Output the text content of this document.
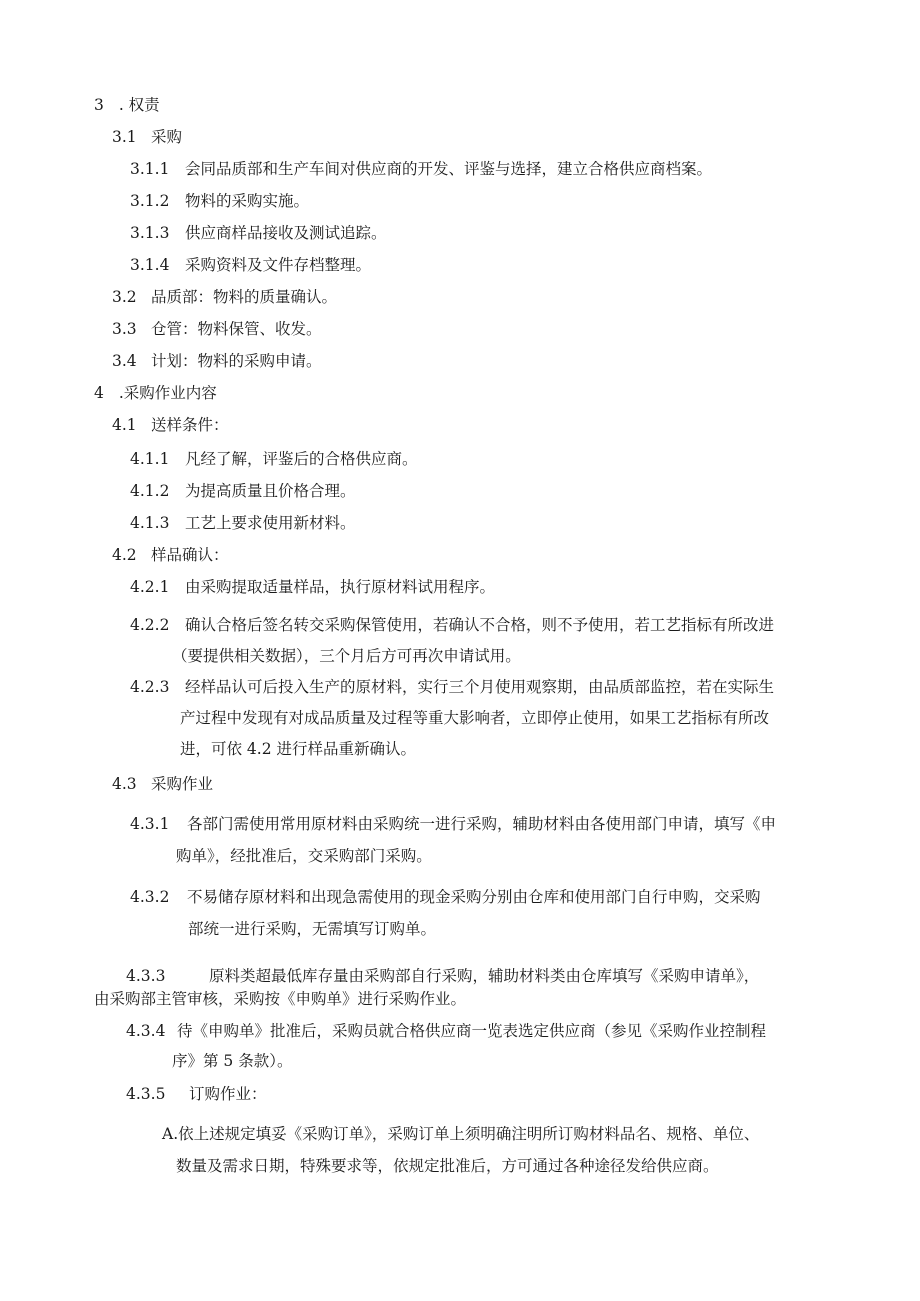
3 . 权责
3.1 采购
3.1.1 会同品质部和生产车间对供应商的开发、评鉴与选择，建立合格供应商档案。
3.1.2 物料的采购实施。
3.1.3 供应商样品接收及测试追踪。
3.1.4 采购资料及文件存档整理。
3.2 品质部：物料的质量确认。
3.3 仓管：物料保管、收发。
3.4 计划：物料的采购申请。
4 .采购作业内容
4.1 送样条件：
4.1.1 凡经了解，评鉴后的合格供应商。
4.1.2 为提高质量且价格合理。
4.1.3 工艺上要求使用新材料。
4.2 样品确认：
4.2.1 由采购提取适量样品，执行原材料试用程序。
4.2.2 确认合格后签名转交采购保管使用，若确认不合格，则不予使用，若工艺指标有所改进
（要提供相关数据），三个月后方可再次申请试用。
4.2.3 经样品认可后投入生产的原材料，实行三个月使用观察期，由品质部监控，若在实际生
产过程中发现有对成品质量及过程等重大影响者，立即停止使用，如果工艺指标有所改
进，可依 4.2 进行样品重新确认。
4.3 采购作业
4.3.1 各部门需使用常用原材料由采购统一进行采购，辅助材料由各使用部门申请，填写《申
购单》，经批准后，交采购部门采购。
4.3.2 不易储存原材料和出现急需使用的现金采购分别由仓库和使用部门自行申购，交采购
部统一进行采购，无需填写订购单。
4.3.3	原料类超最低库存量由采购部自行采购，辅助材料类由仓库填写《采购申请单》，
由采购部主管审核，采购按《申购单》进行采购作业。
4.3.4 待《申购单》批准后，采购员就合格供应商一览表选定供应商（参见《采购作业控制程
序》第 5 条款）。
4.3.5 订购作业：
A.依上述规定填妥《采购订单》，采购订单上须明确注明所订购材料品名、规格、单位、
数量及需求日期，特殊要求等，依规定批准后，方可通过各种途径发给供应商。
